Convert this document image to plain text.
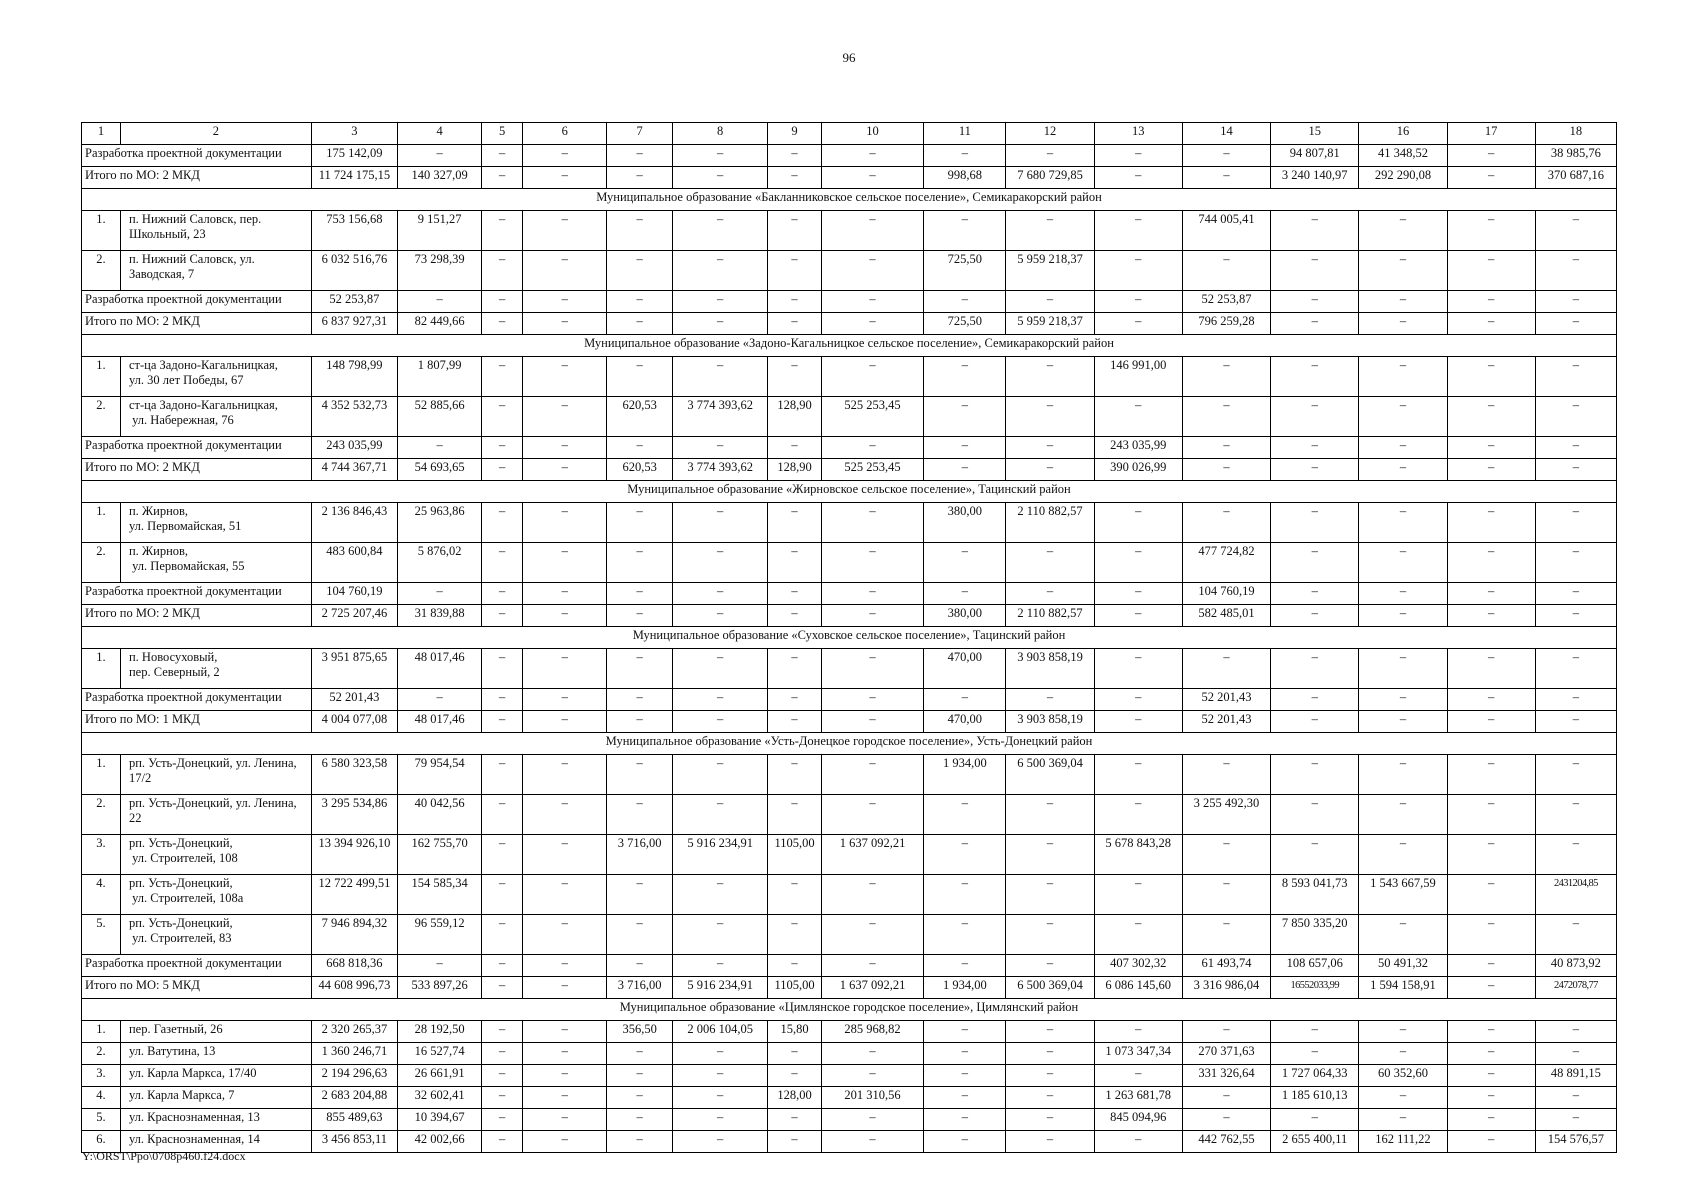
96
1	2	3	4	5	6	7	8	9	10	11	12	13	14	15	16	17	18
Разработка проектной документации		175 142,09	–	–	–	–	–	–	–	–	–	–	–	94 807,81	41 348,52	–	38 985,76
Итого по МО: 2 МКД		11 724 175,15	140 327,09	–	–	–	–	–	–	998,68	7 680 729,85	–	–	3 240 140,97	292 290,08	–	370 687,16
Муниципальное образование «Бакланниковское сельское поселение», Семикаракорский район																	
1.	п. Нижний Саловск, пер.
Школьный, 23	753 156,68	9 151,27	–	–	–	–	–	–	–	–	–	744 005,41	–	–	–	–
2.	п. Нижний Саловск, ул.
Заводская, 7	6 032 516,76	73 298,39	–	–	–	–	–	–	725,50	5 959 218,37	–	–	–	–	–	–
Разработка проектной документации		52 253,87	–	–	–	–	–	–	–	–	–	–	52 253,87	–	–	–	–
Итого по МО: 2 МКД		6 837 927,31	82 449,66	–	–	–	–	–	–	725,50	5 959 218,37	–	796 259,28	–	–	–	–
Муниципальное образование «Задоно-Кагальницкое сельское поселение», Семикаракорский район																	
1.	ст-ца Задоно-Кагальницкая,
ул. 30 лет Победы, 67	148 798,99	1 807,99	–	–	–	–	–	–	–	–	146 991,00	–	–	–	–	–
2.	ст-ца Задоно-Кагальницкая,
ул. Набережная, 76	4 352 532,73	52 885,66	–	–	620,53	3 774 393,62	128,90	525 253,45	–	–	–	–	–	–	–	–
Разработка проектной документации		243 035,99	–	–	–	–	–	–	–	–	–	243 035,99	–	–	–	–	–
Итого по МО: 2 МКД		4 744 367,71	54 693,65	–	–	620,53	3 774 393,62	128,90	525 253,45	–	–	390 026,99	–	–	–	–	–
Муниципальное образование «Жирновское сельское поселение», Тацинский район																	
1.	п. Жирнов,
ул. Первомайская, 51	2 136 846,43	25 963,86	–	–	–	–	–	–	380,00	2 110 882,57	–	–	–	–	–	–
2.	п. Жирнов,
ул. Первомайская, 55	483 600,84	5 876,02	–	–	–	–	–	–	–	–	–	477 724,82	–	–	–	–
Разработка проектной документации		104 760,19	–	–	–	–	–	–	–	–	–	–	104 760,19	–	–	–	–
Итого по МО: 2 МКД		2 725 207,46	31 839,88	–	–	–	–	–	–	380,00	2 110 882,57	–	582 485,01	–	–	–	–
Муниципальное образование «Суховское сельское поселение», Тацинский район																	
1.	п. Новосуховый,
пер. Северный, 2	3 951 875,65	48 017,46	–	–	–	–	–	–	470,00	3 903 858,19	–	–	–	–	–	–
Разработка проектной документации		52 201,43	–	–	–	–	–	–	–	–	–	–	52 201,43	–	–	–	–
Итого по МО: 1 МКД		4 004 077,08	48 017,46	–	–	–	–	–	–	470,00	3 903 858,19	–	52 201,43	–	–	–	–
Муниципальное образование «Усть-Донецкое городское поселение», Усть-Донецкий район																	
1.	рп. Усть-Донецкий, ул. Ленина,
17/2	6 580 323,58	79 954,54	–	–	–	–	–	–	1 934,00	6 500 369,04	–	–	–	–	–	–
2.	рп. Усть-Донецкий, ул. Ленина,
22	3 295 534,86	40 042,56	–	–	–	–	–	–	–	–	–	3 255 492,30	–	–	–	–
3.	рп. Усть-Донецкий,
ул. Строителей, 108	13 394 926,10	162 755,70	–	–	3 716,00	5 916 234,91	1105,00	1 637 092,21	–	–	5 678 843,28	–	–	–	–	–
4.	рп. Усть-Донецкий,
ул. Строителей, 108а	12 722 499,51	154 585,34	–	–	–	–	–	–	–	–	–	–	8 593 041,73	1 543 667,59	–	2431204,85
5.	рп. Усть-Донецкий,
ул. Строителей, 83	7 946 894,32	96 559,12	–	–	–	–	–	–	–	–	–	–	7 850 335,20	–	–	–
Разработка проектной документации		668 818,36	–	–	–	–	–	–	–	–	–	407 302,32	61 493,74	108 657,06	50 491,32	–	40 873,92
Итого по МО: 5 МКД		44 608 996,73	533 897,26	–	–	3 716,00	5 916 234,91	1105,00	1 637 092,21	1 934,00	6 500 369,04	6 086 145,60	3 316 986,04	16552033,99	1 594 158,91	–	2472078,77
Муниципальное образование «Цимлянское городское поселение», Цимлянский район																	
1.	пер. Газетный, 26	2 320 265,37	28 192,50	–	–	356,50	2 006 104,05	15,80	285 968,82	–	–	–	–	–	–	–	–
2.	ул. Ватутина, 13	1 360 246,71	16 527,74	–	–	–	–	–	–	–	–	1 073 347,34	270 371,63	–	–	–	–
3.	ул. Карла Маркса, 17/40	2 194 296,63	26 661,91	–	–	–	–	–	–	–	–	–	331 326,64	1 727 064,33	60 352,60	–	48 891,15
4.	ул. Карла Маркса, 7	2 683 204,88	32 602,41	–	–	–	–	128,00	201 310,56	–	–	1 263 681,78	–	1 185 610,13	–	–	–
5.	ул. Краснознаменная, 13	855 489,63	10 394,67	–	–	–	–	–	–	–	–	845 094,96	–	–	–	–	–
6.	ул. Краснознаменная, 14	3 456 853,11	42 002,66	–	–	–	–	–	–	–	–	–	442 762,55	2 655 400,11	162 111,22	–	154 576,57
Y:\ORST\Ppo\0708p460.f24.docx
